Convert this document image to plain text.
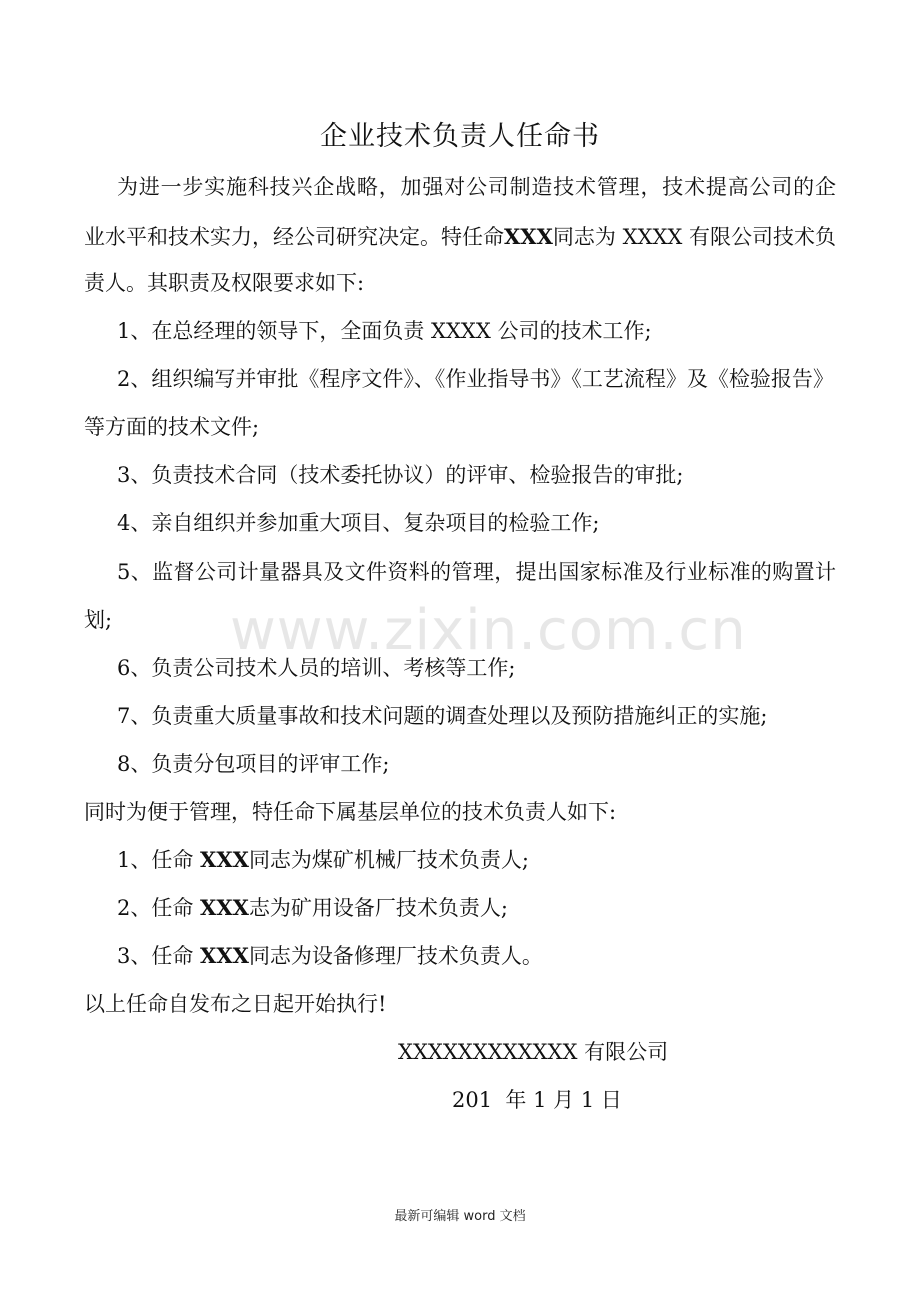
企业技术负责人任命书
为进一步实施科技兴企战略，加强对公司制造技术管理，技术提高公司的企
业水平和技术实力，经公司研究决定。特任命XXX同志为 XXXX 有限公司技术负
责人。其职责及权限要求如下:
1、在总经理的领导下，全面负责 XXXX 公司的技术工作;
2、组织编写并审批《程序文件》、《作业指导书》《工艺流程》及《检验报告》
等方面的技术文件;
3、负责技术合同（技术委托协议）的评审、检验报告的审批;
4、亲自组织并参加重大项目、复杂项目的检验工作;
5、监督公司计量器具及文件资料的管理，提出国家标准及行业标准的购置计
划; www.zixin.com.cn
6、负责公司技术人员的培训、考核等工作;
7、负责重大质量事故和技术问题的调查处理以及预防措施纠正的实施;
8、负责分包项目的评审工作;
同时为便于管理，特任命下属基层单位的技术负责人如下:
1、任命 XXX同志为煤矿机械厂技术负责人;
2、任命 XXX志为矿用设备厂技术负责人;
3、任命 XXX同志为设备修理厂技术负责人。
以上任命自发布之日起开始执行!
XXXXXXXXXXXX 有限公司
201  年 1 月 1 日
最新可编辑 word 文档
